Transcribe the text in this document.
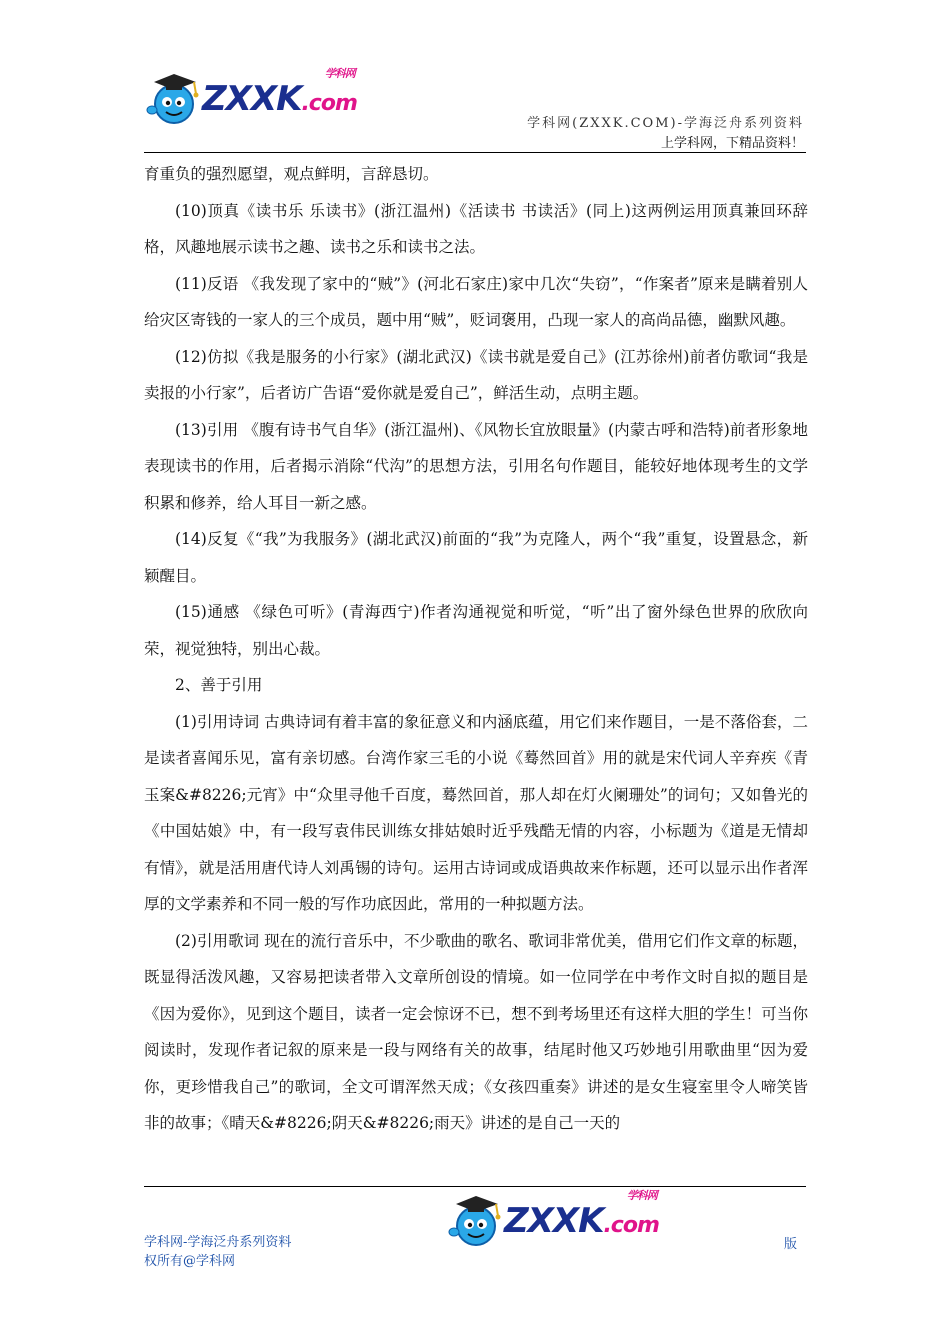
学科网
ZXXK.com
学科网(ZXXK.COM)-学海泛舟系列资料
上学科网，下精品资料！

育重负的强烈愿望，观点鲜明，言辞恳切。

(10)顶真《读书乐 乐读书》(浙江温州)《活读书 书读活》(同上)这两例运用顶真兼回环辞格，风趣地展示读书之趣、读书之乐和读书之法。

(11)反语 《我发现了家中的“贼”》(河北石家庄)家中几次“失窃”，“作案者”原来是瞒着别人给灾区寄钱的一家人的三个成员，题中用“贼”，贬词褒用，凸现一家人的高尚品德，幽默风趣。

(12)仿拟《我是服务的小行家》(湖北武汉)《读书就是爱自己》(江苏徐州)前者仿歌词“我是卖报的小行家”，后者访广告语“爱你就是爱自己”，鲜活生动，点明主题。

(13)引用 《腹有诗书气自华》(浙江温州)、《风物长宜放眼量》(内蒙古呼和浩特)前者形象地表现读书的作用，后者揭示消除“代沟”的思想方法，引用名句作题目，能较好地体现考生的文学积累和修养，给人耳目一新之感。

(14)反复《“我”为我服务》(湖北武汉)前面的“我”为克隆人，两个“我”重复，设置悬念，新颖醒目。

(15)通感 《绿色可听》(青海西宁)作者沟通视觉和听觉，“听”出了窗外绿色世界的欣欣向荣，视觉独特，别出心裁。

2、善于引用

(1)引用诗词 古典诗词有着丰富的象征意义和内涵底蕴，用它们来作题目，一是不落俗套，二是读者喜闻乐见，富有亲切感。台湾作家三毛的小说《蓦然回首》用的就是宋代词人辛弃疾《青玉案&#8226;元宵》中“众里寻他千百度，蓦然回首，那人却在灯火阑珊处”的词句；又如鲁光的《中国姑娘》中，有一段写袁伟民训练女排姑娘时近乎残酷无情的内容，小标题为《道是无情却有情》，就是活用唐代诗人刘禹锡的诗句。运用古诗词或成语典故来作标题，还可以显示出作者浑厚的文学素养和不同一般的写作功底因此，常用的一种拟题方法。

(2)引用歌词 现在的流行音乐中，不少歌曲的歌名、歌词非常优美，借用它们作文章的标题，既显得活泼风趣，又容易把读者带入文章所创设的情境。如一位同学在中考作文时自拟的题目是《因为爱你》，见到这个题目，读者一定会惊讶不已，想不到考场里还有这样大胆的学生！可当你阅读时，发现作者记叙的原来是一段与网络有关的故事，结尾时他又巧妙地引用歌曲里“因为爱你，更珍惜我自己”的歌词，全文可谓浑然天成；《女孩四重奏》讲述的是女生寝室里令人啼笑皆非的故事；《晴天&#8226;阴天&#8226;雨天》讲述的是自己一天的

学科网-学海泛舟系列资料
权所有@学科网
学科网
ZXXK.com
版
